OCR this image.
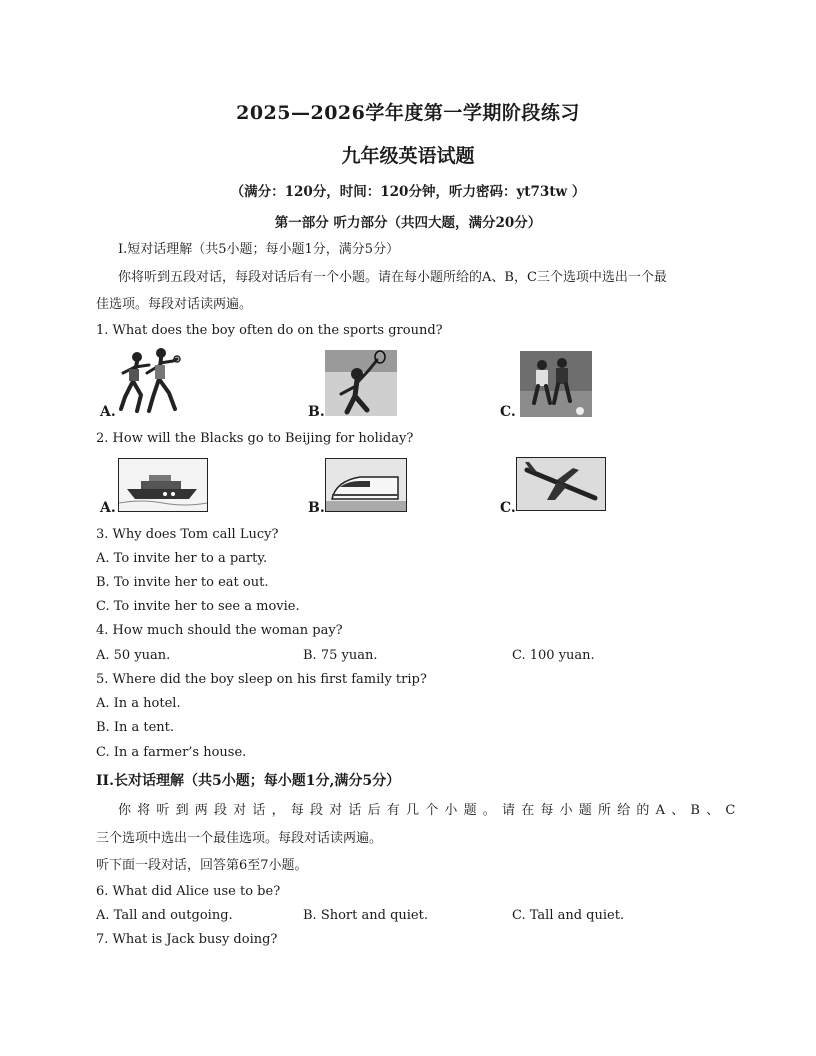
2025—2026学年度第一学期阶段练习
九年级英语试题
（满分：120分，时间：120分钟，听力密码：yt73tw ）
第一部分 听力部分（共四大题，满分20分）
I.短对话理解（共5小题；每小题1分，满分5分）
你将听到五段对话，每段对话后有一个小题。请在每小题所给的A、B，C三个选项中选出一个最
佳选项。每段对话读两遍。
1. What does the boy often do on the sports ground?
A.	B.	C.
2. How will the Blacks go to Beijing for holiday?
A.	B.	C.
3. Why does Tom call Lucy?
A. To invite her to a party.
B. To invite her to eat out.
C. To invite her to see a movie.
4. How much should the woman pay?
A. 50 yuan.	B. 75 yuan.	C. 100 yuan.
5. Where did the boy sleep on his first family trip?
A. In a hotel.
B. In a tent.
C. In a farmer’s house.
II.长对话理解（共5小题；每小题1分,满分5分）
你将听到两段对话，每段对话后有几个小题。请在每小题所给的A、B、C
三个选项中选出一个最佳选项。每段对话读两遍。
听下面一段对话，回答第6至7小题。
6. What did Alice use to be?
A. Tall and outgoing.	B. Short and quiet.	C. Tall and quiet.
7. What is Jack busy doing?
